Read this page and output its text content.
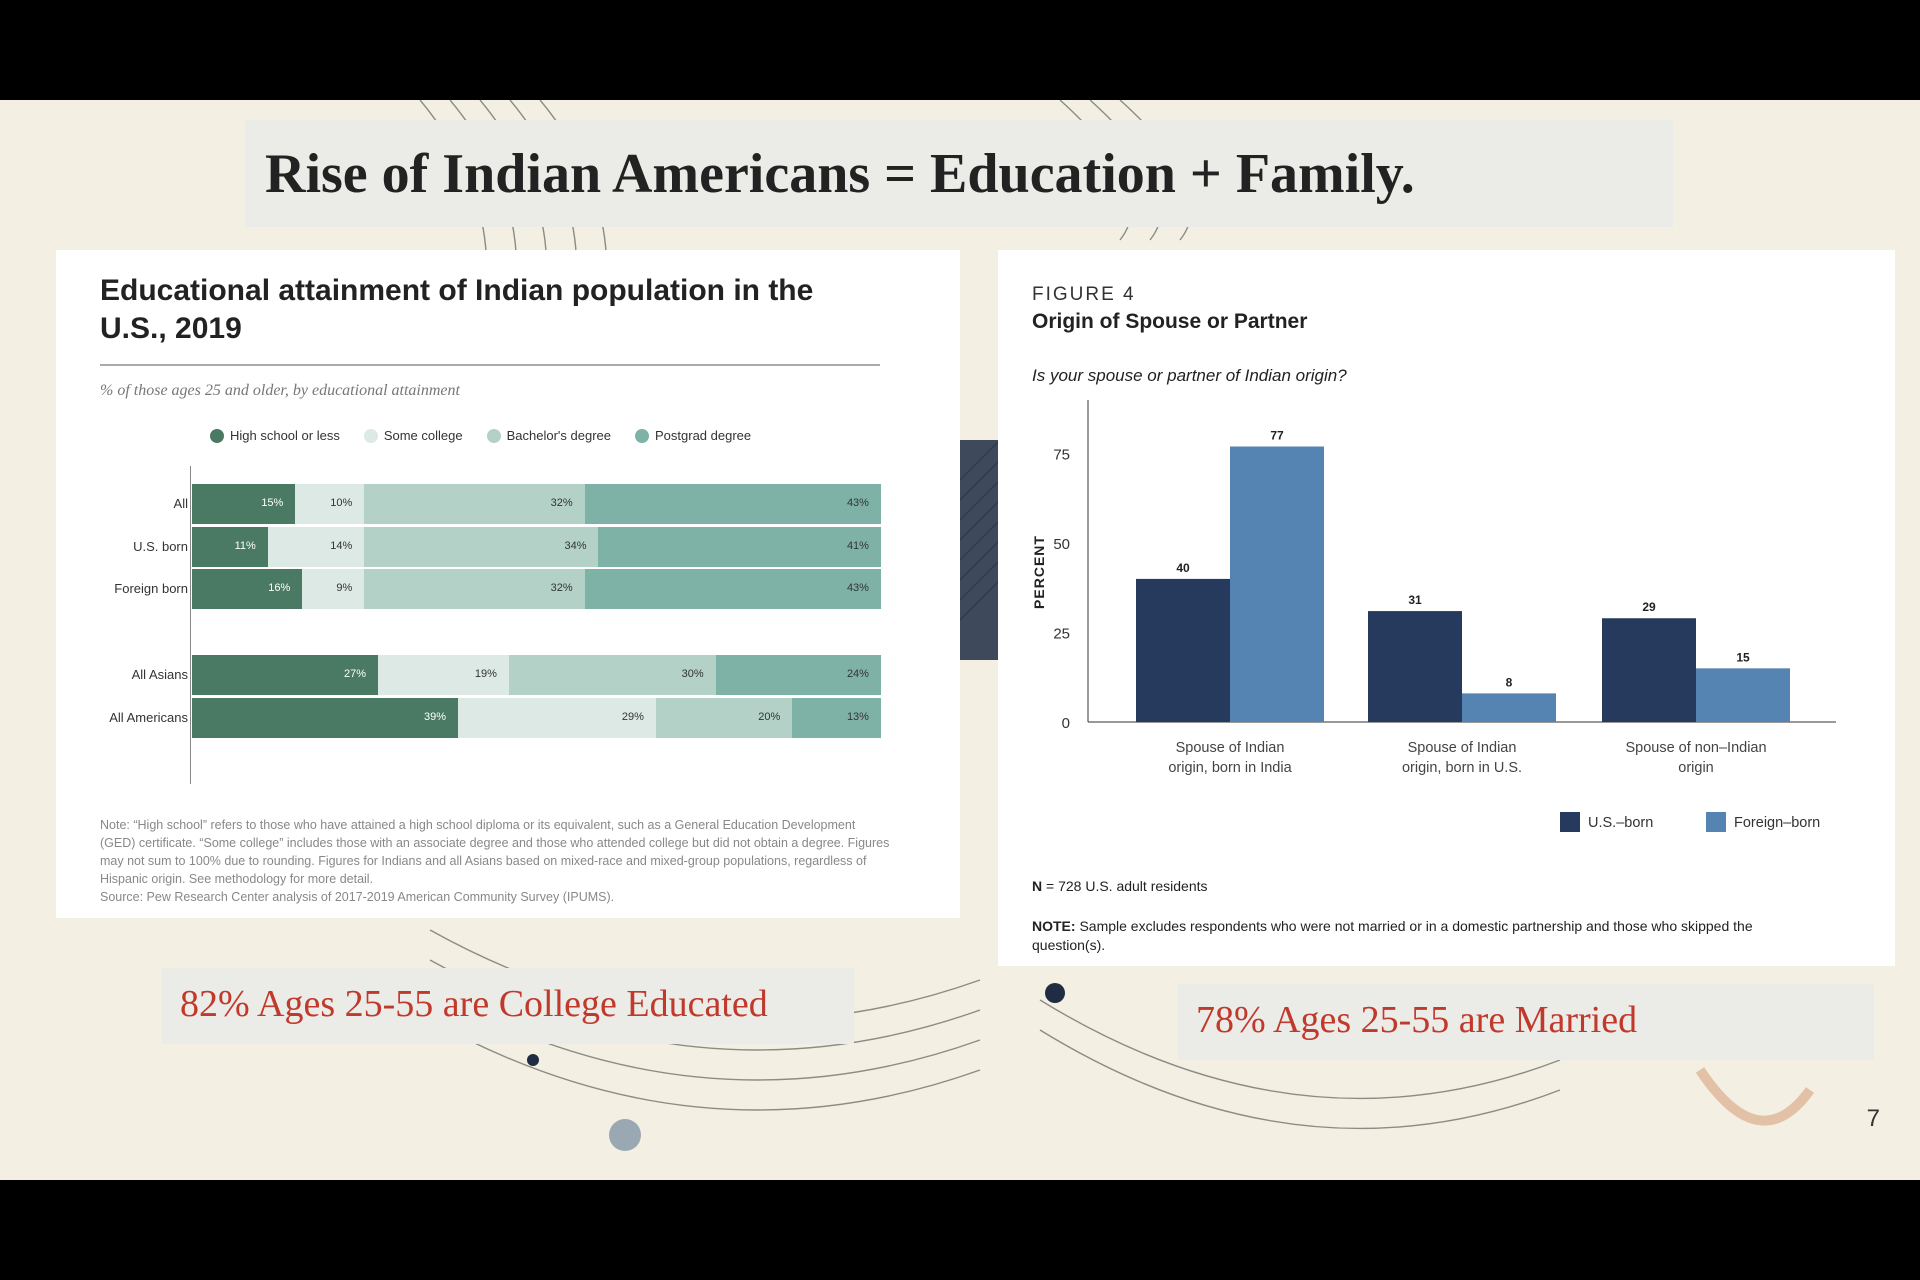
Rise of Indian Americans = Education + Family.
Educational attainment of Indian population in the U.S., 2019
% of those ages 25 and older, by educational attainment
High school or less	Some college	Bachelor's degree	Postgrad degree
All	15%	10%	32%	43%
U.S. born	11%	14%	34%	41%
Foreign born	16%	9%	32%	43%
All Asians	27%	19%	30%	24%
All Americans	39%	29%	20%	13%
Note: “High school” refers to those who have attained a high school diploma or its equivalent, such as a General Education Development (GED) certificate. “Some college” includes those with an associate degree and those who attended college but did not obtain a degree. Figures may not sum to 100% due to rounding. Figures for Indians and all Asians based on mixed-race and mixed-group populations, regardless of Hispanic origin. See methodology for more detail.
Source: Pew Research Center analysis of 2017-2019 American Community Survey (IPUMS).
FIGURE 4
Origin of Spouse or Partner
Is your spouse or partner of Indian origin?
0
25
50
75
PERCENT	40
77
Spouse of Indian
origin, born in India
31
8
Spouse of Indian
origin, born in U.S.
29
15
Spouse of non–Indian
origin
U.S.–born	Foreign–born
N = 728 U.S. adult residents
NOTE: Sample excludes respondents who were not married or in a domestic partnership and those who skipped the question(s).
82% Ages 25-55 are College Educated	78% Ages 25-55 are Married
7
